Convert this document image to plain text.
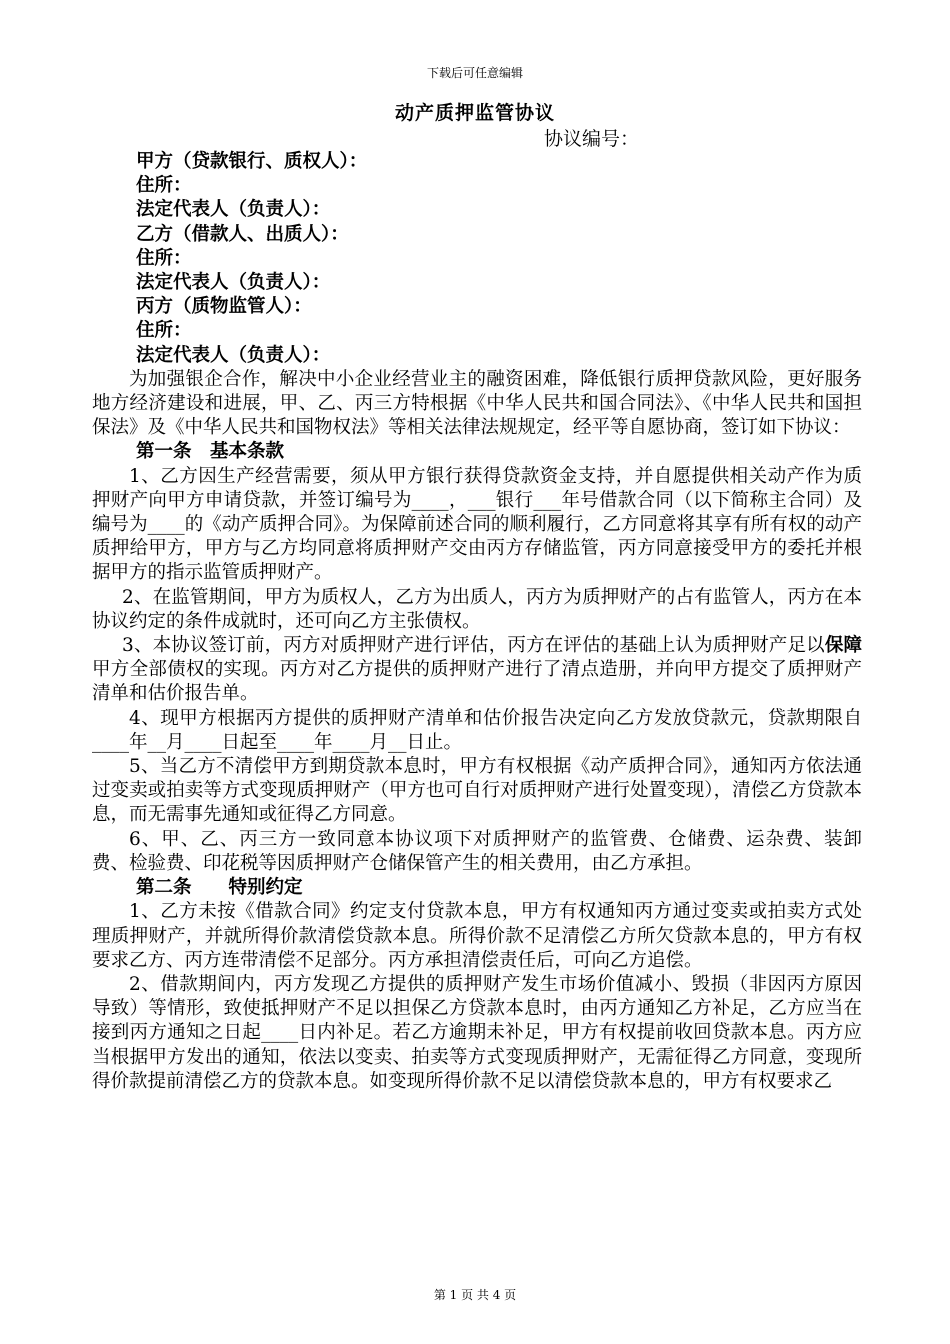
下载后可任意编辑
动产质押监管协议
协议编号：
甲方（贷款银行、质权人）：
住所：
法定代表人（负责人）：
乙方（借款人、出质人）：
住所：
法定代表人（负责人）：
丙方（质物监管人）：
住所：
法定代表人（负责人）：
为加强银企合作，解决中小企业经营业主的融资困难，降低银行质押贷款风险，更好服务地方经济建设和进展，甲、乙、丙三方特根据《中华人民共和国合同法》、《中华人民共和国担保法》及《中华人民共和国物权法》等相关法律法规规定，经平等自愿协商，签订如下协议：
第一条　基本条款
1、乙方因生产经营需要，须从甲方银行获得贷款资金支持，并自愿提供相关动产作为质押财产向甲方申请贷款，并签订编号为____，___银行___年号借款合同（以下简称主合同）及编号为____的《动产质押合同》。为保障前述合同的顺利履行，乙方同意将其享有所有权的动产质押给甲方，甲方与乙方均同意将质押财产交由丙方存储监管，丙方同意接受甲方的委托并根据甲方的指示监管质押财产。
2、在监管期间，甲方为质权人，乙方为出质人，丙方为质押财产的占有监管人，丙方在本协议约定的条件成就时，还可向乙方主张债权。
3、本协议签订前，丙方对质押财产进行评估，丙方在评估的基础上认为质押财产足以保障甲方全部债权的实现。丙方对乙方提供的质押财产进行了清点造册，并向甲方提交了质押财产清单和估价报告单。
4、现甲方根据丙方提供的质押财产清单和估价报告决定向乙方发放贷款元，贷款期限自____年__月____日起至____年____月__日止。
5、当乙方不清偿甲方到期贷款本息时，甲方有权根据《动产质押合同》，通知丙方依法通过变卖或拍卖等方式变现质押财产（甲方也可自行对质押财产进行处置变现），清偿乙方贷款本息，而无需事先通知或征得乙方同意。
6、甲、乙、丙三方一致同意本协议项下对质押财产的监管费、仓储费、运杂费、装卸费、检验费、印花税等因质押财产仓储保管产生的相关费用，由乙方承担。
第二条　　特别约定
1、乙方未按《借款合同》约定支付贷款本息，甲方有权通知丙方通过变卖或拍卖方式处理质押财产，并就所得价款清偿贷款本息。所得价款不足清偿乙方所欠贷款本息的，甲方有权要求乙方、丙方连带清偿不足部分。丙方承担清偿责任后，可向乙方追偿。
2、借款期间内，丙方发现乙方提供的质押财产发生市场价值减小、毁损（非因丙方原因导致）等情形，致使抵押财产不足以担保乙方贷款本息时，由丙方通知乙方补足，乙方应当在接到丙方通知之日起____日内补足。若乙方逾期未补足，甲方有权提前收回贷款本息。丙方应当根据甲方发出的通知，依法以变卖、拍卖等方式变现质押财产，无需征得乙方同意，变现所得价款提前清偿乙方的贷款本息。如变现所得价款不足以清偿贷款本息的，甲方有权要求乙
第 1 页 共 4 页
